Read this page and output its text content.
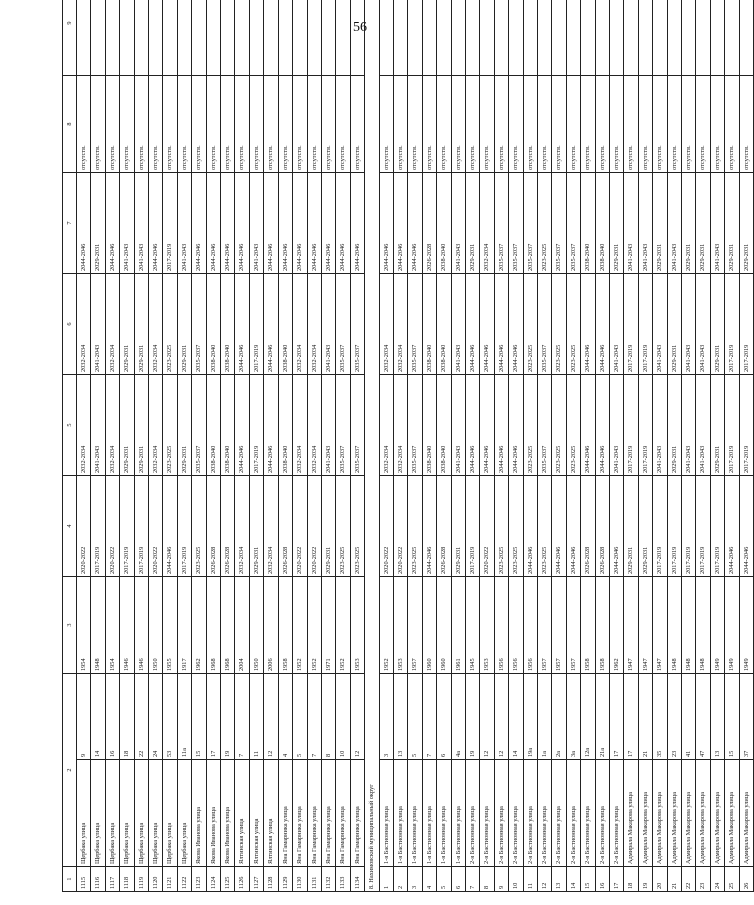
56
1	2	3	4	5	6	7	8	9
1115	Щербака улица9	1954	2020-2022	2032-2034	2032-2034	2044-2046	отсутств.	
1116	Щербака улица14	1948	2017-2019	2041-2043	2041-2043	2029-2031	отсутств.	
1117	Щербака улица16	1954	2020-2022	2032-2034	2032-2034	2044-2046	отсутств.	
1118	Щербака улица18	1946	2017-2019	2029-2031	2029-2031	2041-2043	отсутств.	
1119	Щербака улица22	1946	2017-2019	2029-2031	2029-2031	2041-2043	отсутств.	
1120	Щербака улица24	1950	2020-2022	2032-2034	2032-2034	2044-2046	отсутств.	
1121	Щербака улица53	1955	2044-2046	2023-2025	2023-2025	2017-2019	отсутств.	
1122	Щербака улица11а	1917	2017-2019	2029-2031	2029-2031	2041-2043	отсутств.	
1123	Якова Иванова улица15	1962	2023-2025	2035-2037	2035-2037	2044-2046	отсутств.	
1124	Якова Иванова улица17	1968	2026-2028	2038-2040	2038-2040	2044-2046	отсутств.	
1125	Якова Иванова улица19	1968	2026-2028	2038-2040	2038-2040	2044-2046	отсутств.	
1126	Ялтинская улица7	2004	2032-2034	2044-2046	2044-2046	2044-2046	отсутств.	
1127	Ялтинская улица11	1950	2029-2031	2017-2019	2017-2019	2041-2043	отсутств.	
1128	Ялтинская улица12	2006	2032-2034	2044-2046	2044-2046	2044-2046	отсутств.	
1129	Яна Гамарника улица4	1958	2026-2028	2038-2040	2038-2040	2044-2046	отсутств.	
1130	Яна Гамарника улица5	1952	2020-2022	2032-2034	2032-2034	2044-2046	отсутств.	
1131	Яна Гамарника улица7	1952	2020-2022	2032-2034	2032-2034	2044-2046	отсутств.	
1132	Яна Гамарника улица8	1971	2029-2031	2041-2043	2041-2043	2044-2046	отсутств.	
1133	Яна Гамарника улица10	1952	2023-2025	2035-2037	2035-2037	2044-2046	отсутств.	
1134	Яна Гамарника улица12	1953	2023-2025	2035-2037	2035-2037	2044-2046	отсутств.	
8. Нахимовский муниципальный округ								
1	1-я Бастионная улица3	1952	2020-2022	2032-2034	2032-2034	2044-2046	отсутств.	
2	1-я Бастионная улица13	1953	2020-2022	2032-2034	2032-2034	2044-2046	отсутств.	
3	1-я Бастионная улица5	1957	2023-2025	2035-2037	2035-2037	2044-2046	отсутств.	
4	1-я Бастионная улица7	1960	2044-2046	2038-2040	2038-2040	2026-2028	отсутств.	
5	1-я Бастионная улица6	1960	2026-2028	2038-2040	2038-2040	2038-2040	отсутств.	
6	1-я Бастионная улица4а	1961	2029-2031	2041-2043	2041-2043	2041-2043	отсутств.	
7	2-я Бастионная улица19	1945	2017-2019	2044-2046	2044-2046	2029-2031	отсутств.	
8	2-я Бастионная улица12	1953	2020-2022	2044-2046	2044-2046	2032-2034	отсутств.	
9	2-я Бастионная улица12	1956	2023-2025	2044-2046	2044-2046	2035-2037	отсутств.	
10	2-я Бастионная улица14	1956	2023-2025	2044-2046	2044-2046	2035-2037	отсутств.	
11	2-я Бастионная улица19а	1956	2044-2046	2023-2025	2023-2025	2035-2037	отсутств.	
12	2-я Бастионная улица1а	1957	2023-2025	2035-2037	2035-2037	2023-2025	отсутств.	
13	2-я Бастионная улица2а	1957	2044-2046	2023-2025	2023-2025	2035-2037	отсутств.	
14	2-я Бастионная улица3а	1957	2044-2046	2023-2025	2023-2025	2035-2037	отсутств.	
15	2-я Бастионная улица12а	1958	2026-2028	2044-2046	2044-2046	2038-2040	отсутств.	
16	2-я Бастионная улица21а	1958	2026-2028	2044-2046	2044-2046	2038-2040	отсутств.	
17	2-я Бастионная улица17	1962	2044-2046	2041-2043	2041-2043	2029-2031	отсутств.	
18	Адмирала Макарова улица17	1947	2029-2031	2017-2019	2017-2019	2041-2043	отсутств.	
19	Адмирала Макарова улица21	1947	2029-2031	2017-2019	2017-2019	2041-2043	отсутств.	
20	Адмирала Макарова улица35	1947	2017-2019	2041-2043	2041-2043	2029-2031	отсутств.	
21	Адмирала Макарова улица23	1948	2017-2019	2029-2031	2029-2031	2041-2043	отсутств.	
22	Адмирала Макарова улица41	1948	2017-2019	2041-2043	2041-2043	2029-2031	отсутств.	
23	Адмирала Макарова улица47	1948	2017-2019	2041-2043	2041-2043	2029-2031	отсутств.	
24	Адмирала Макарова улица13	1949	2017-2019	2029-2031	2029-2031	2041-2043	отсутств.	
25	Адмирала Макарова улица15	1949	2044-2046	2017-2019	2017-2019	2029-2031	отсутств.	
26	Адмирала Макарова улица37	1949	2044-2046	2017-2019	2017-2019	2029-2031	отсутств.	
